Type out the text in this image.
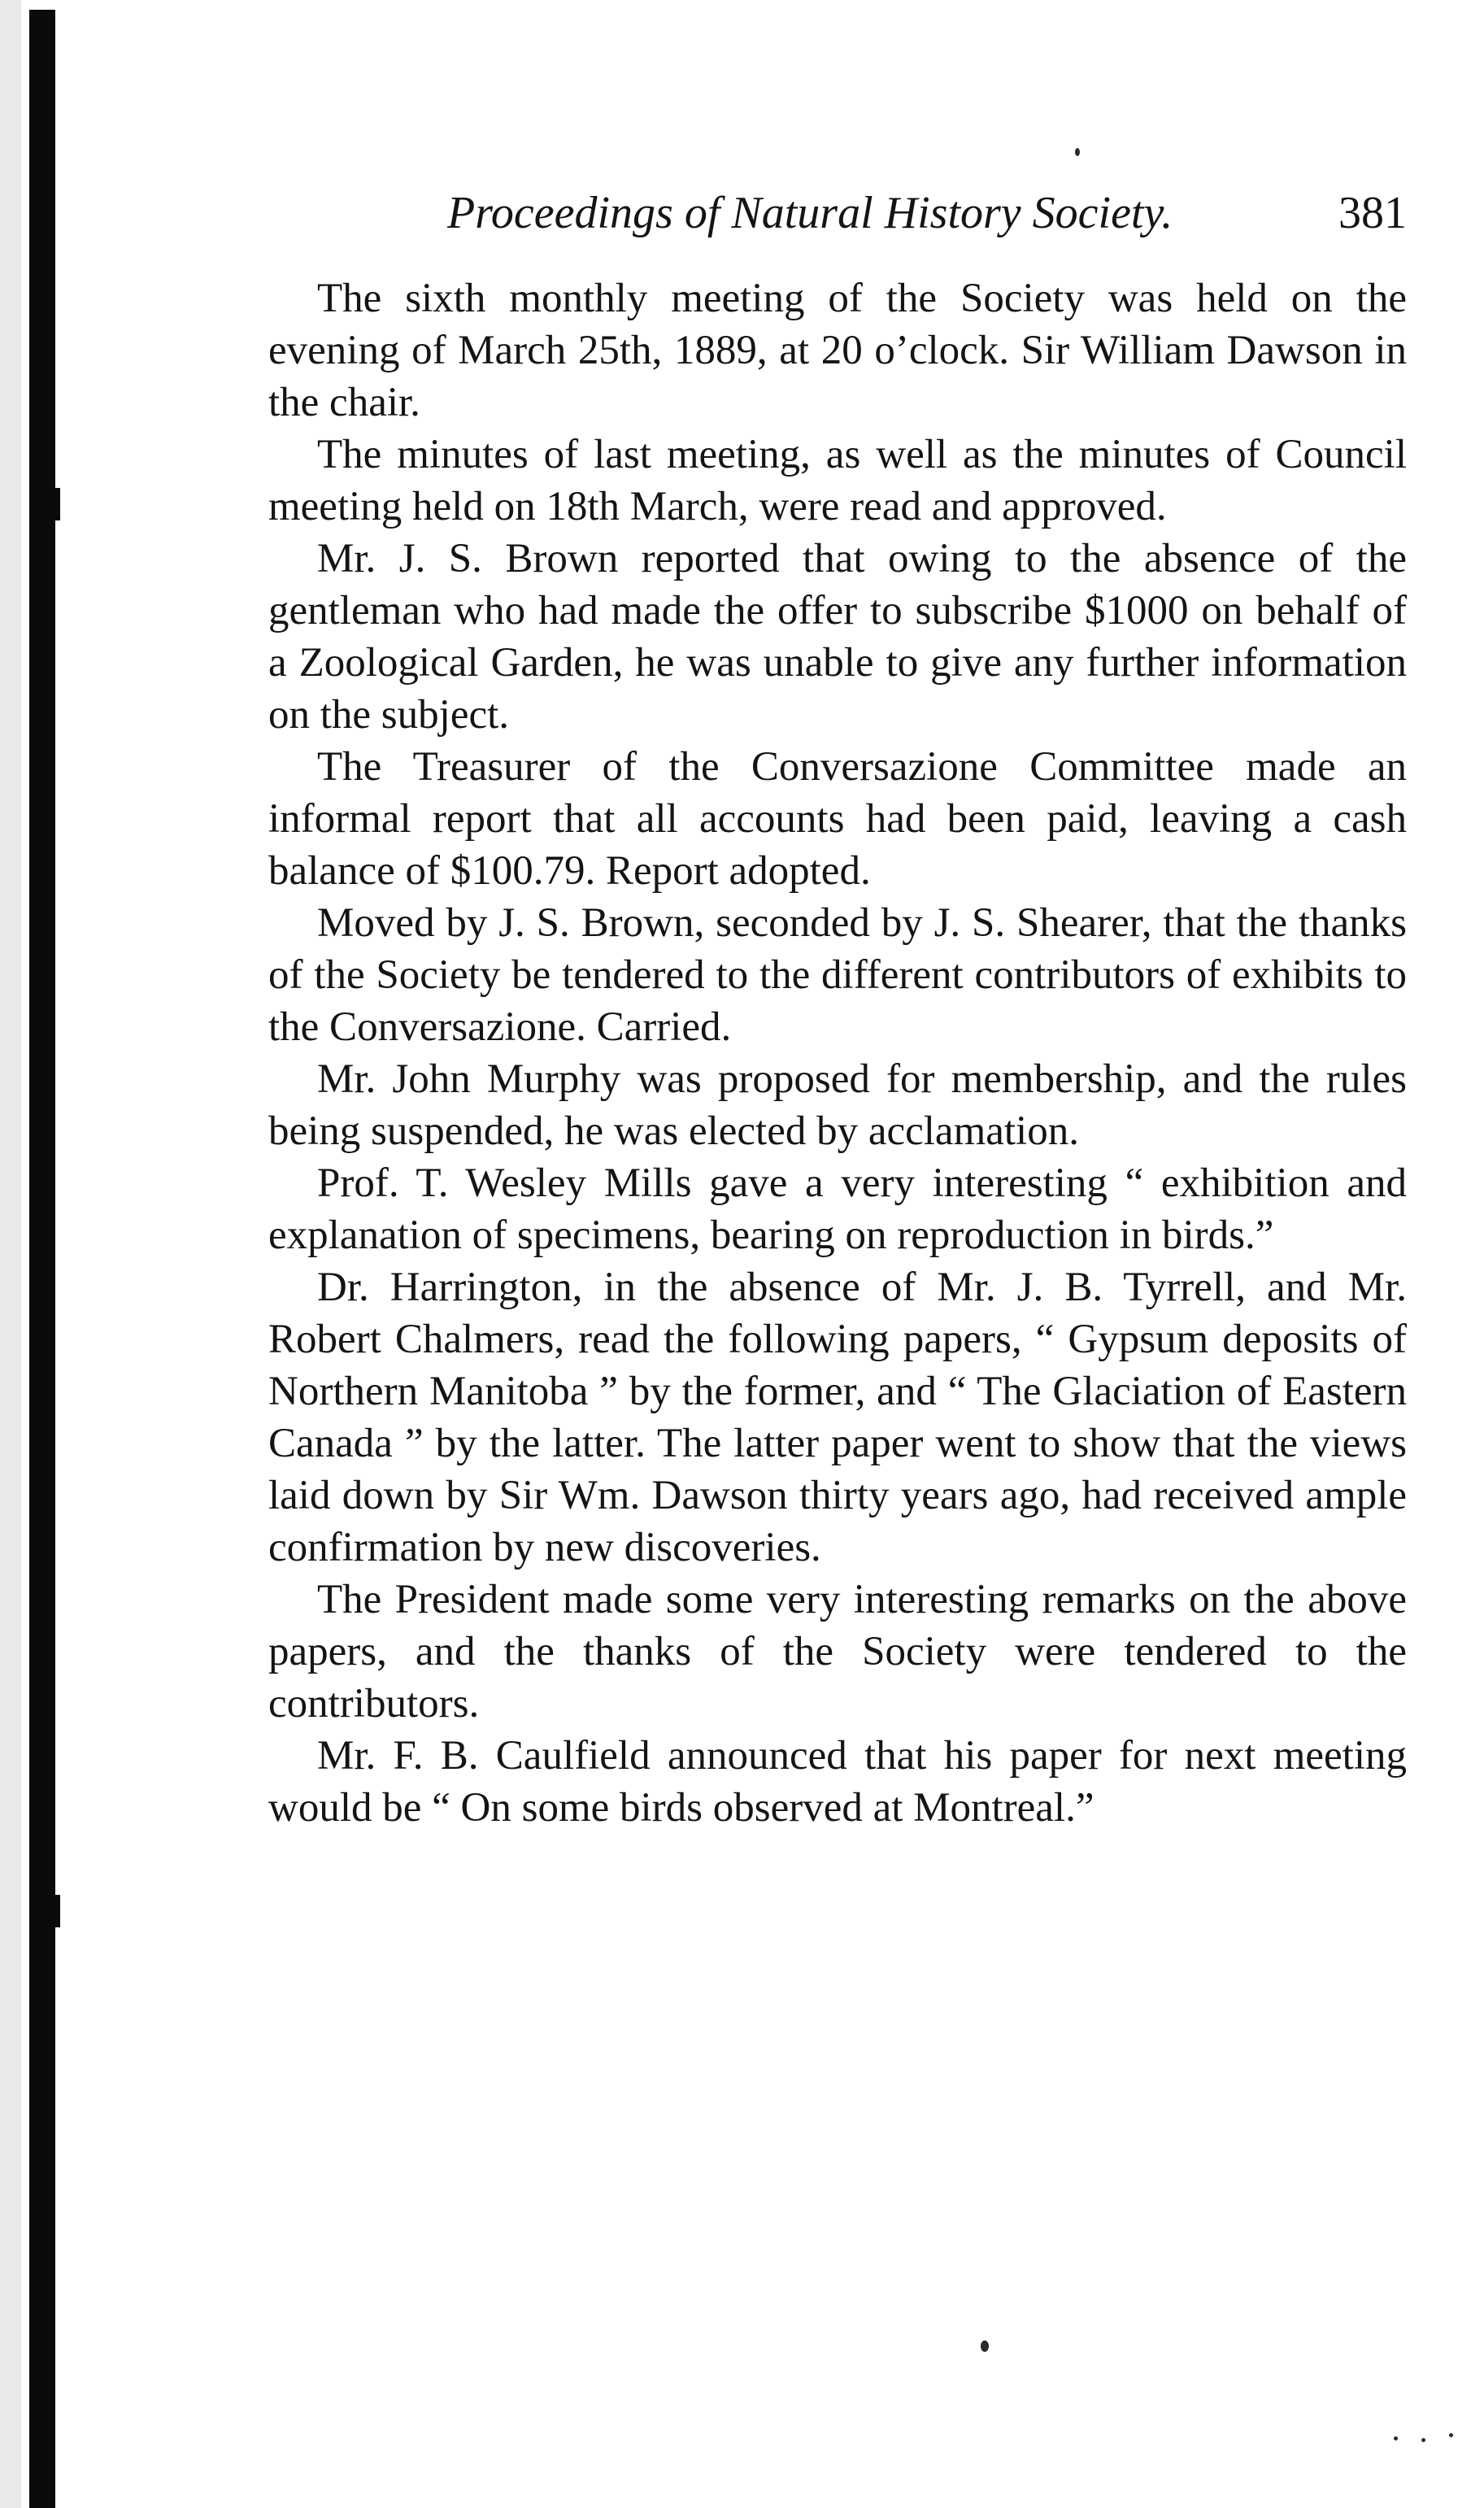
Proceedings of Natural History Society.	381

The sixth monthly meeting of the Society was held on the evening of March 25th, 1889, at 20 o’clock. Sir William Dawson in the chair.

The minutes of last meeting, as well as the minutes of Council meeting held on 18th March, were read and approved.

Mr. J. S. Brown reported that owing to the absence of the gentleman who had made the offer to subscribe $1000 on behalf of a Zoological Garden, he was unable to give any further information on the subject.

The Treasurer of the Conversazione Committee made an informal report that all accounts had been paid, leaving a cash balance of $100.79. Report adopted.

Moved by J. S. Brown, seconded by J. S. Shearer, that the thanks of the Society be tendered to the different contributors of exhibits to the Conversazione. Carried.

Mr. John Murphy was proposed for membership, and the rules being suspended, he was elected by acclamation.

Prof. T. Wesley Mills gave a very interesting “ exhibition and explanation of specimens, bearing on reproduction in birds.”

Dr. Harrington, in the absence of Mr. J. B. Tyrrell, and Mr. Robert Chalmers, read the following papers, “ Gypsum deposits of Northern Manitoba ” by the former, and “ The Glaciation of Eastern Canada ” by the latter. The latter paper went to show that the views laid down by Sir Wm. Dawson thirty years ago, had received ample confirmation by new discoveries.

The President made some very interesting remarks on the above papers, and the thanks of the Society were tendered to the contributors.

Mr. F. B. Caulfield announced that his paper for next meeting would be “ On some birds observed at Montreal.”
